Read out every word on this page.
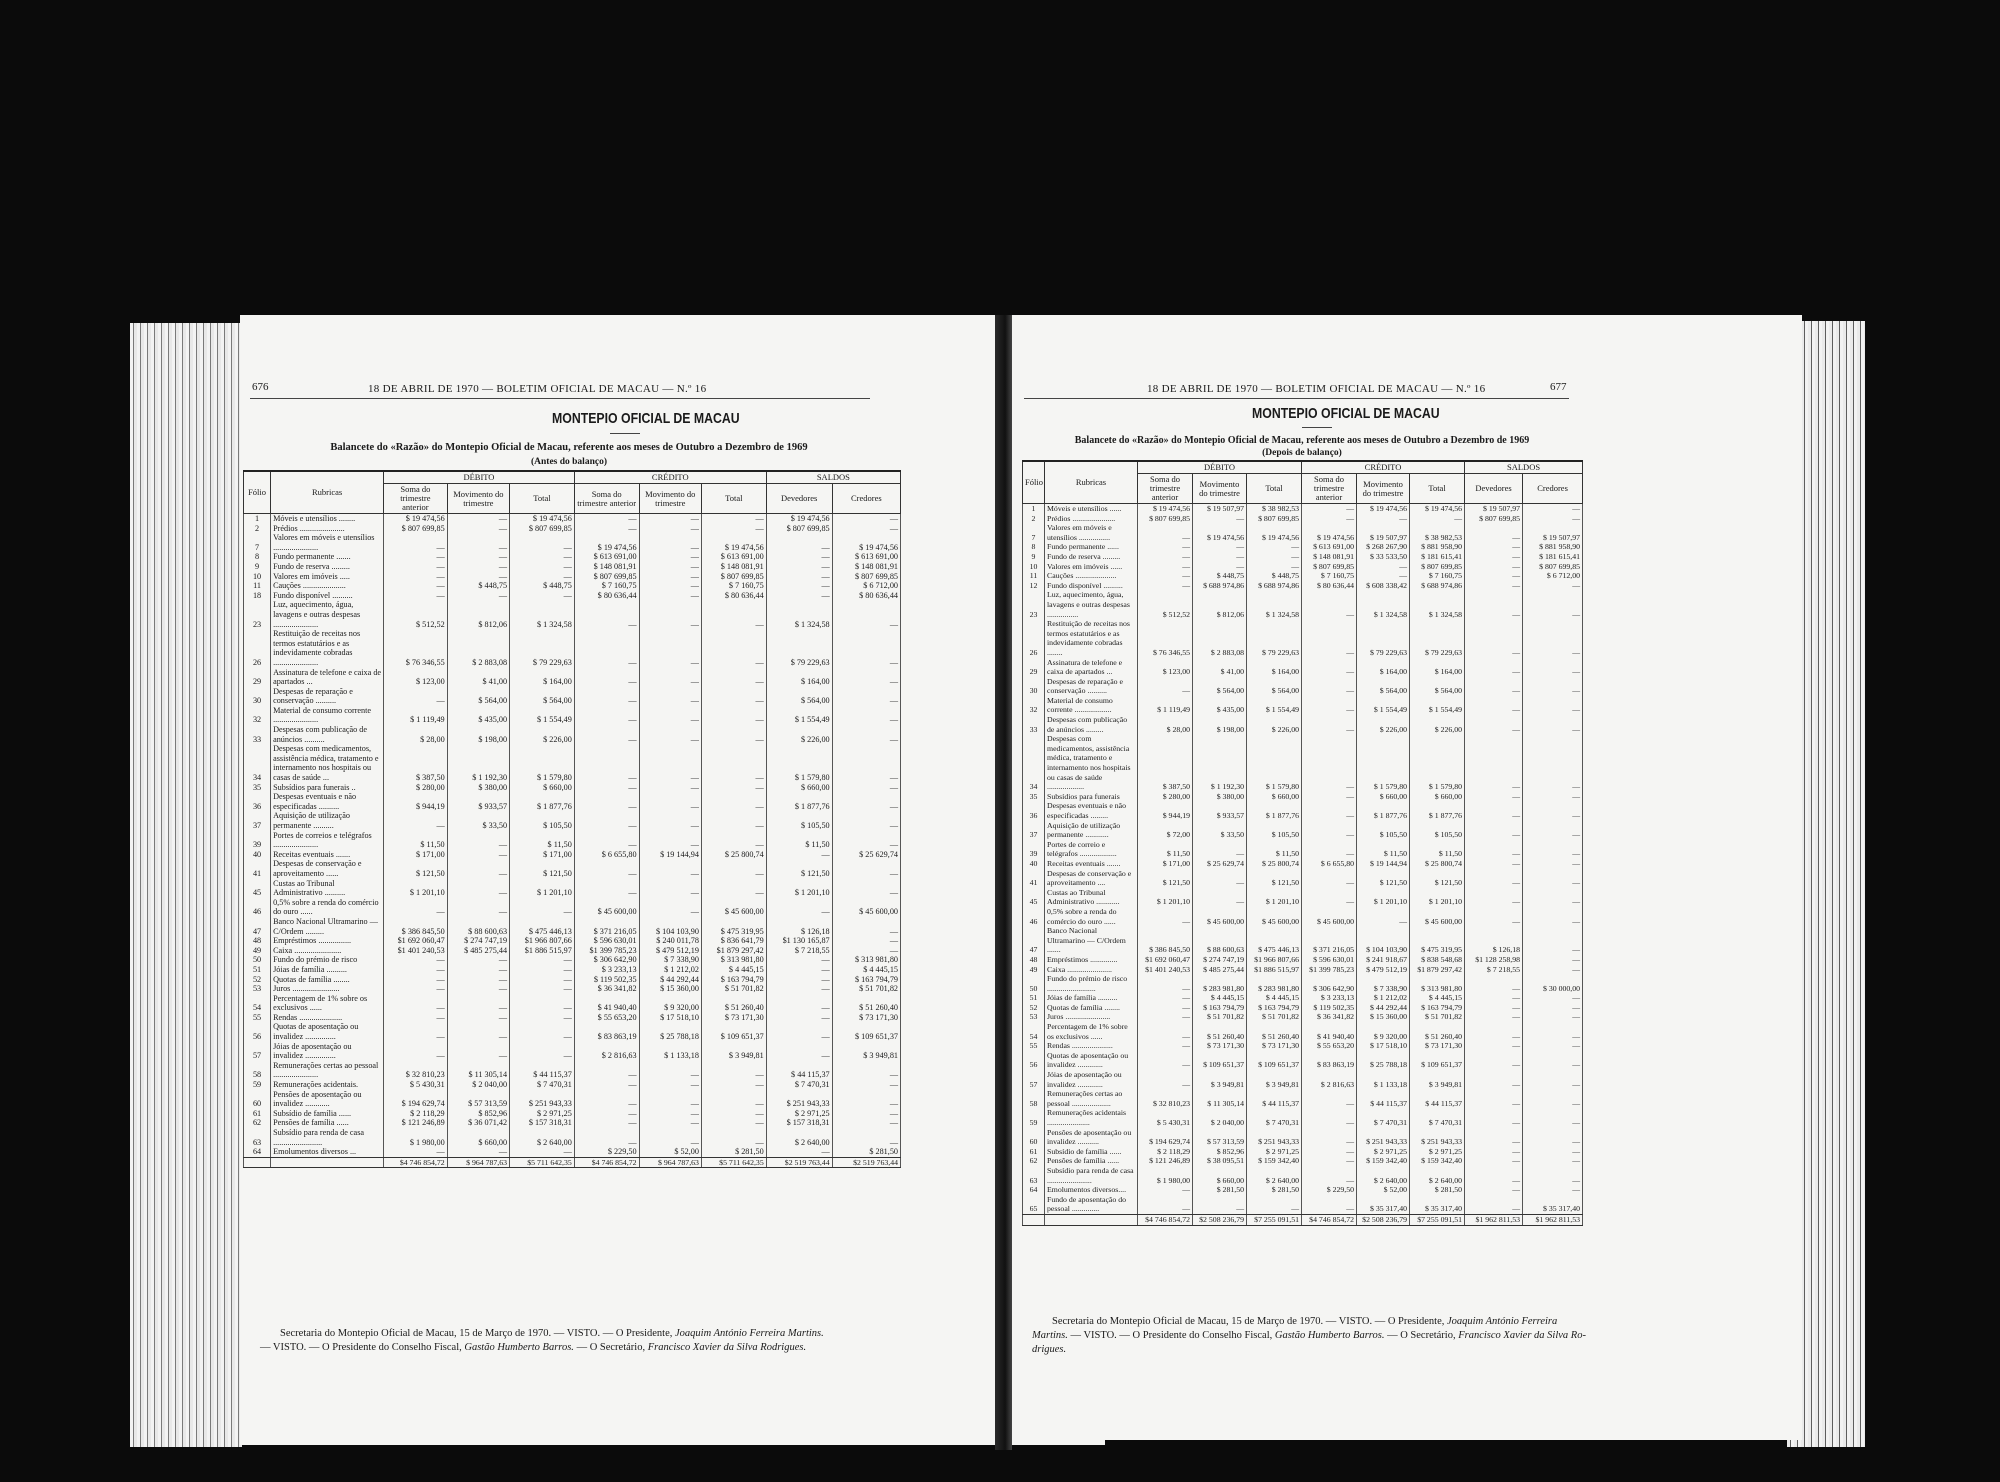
676	18 DE ABRIL DE 1970 — BOLETIM OFICIAL DE MACAU — N.º 16
MONTEPIO OFICIAL DE MACAU
Balancete do «Razão» do Montepio Oficial de Macau, referente aos meses de Outubro a Dezembro de 1969
(Antes do balanço)
Fólio	Rubricas	DÉBITO			CRÉDITO			SALDOS	
		Soma do trimestre anterior	Movimento do trimestre	Total	Soma do trimestre anterior	Movimento do trimestre	Total	Devedores	Credores
1	Móveis e utensílios ........	$ 19 474,56	—	$ 19 474,56	—	—	—	$ 19 474,56	—
2	Prédios ......................	$ 807 699,85	—	$ 807 699,85	—	—	—	$ 807 699,85	—
7	Valores em móveis e utensílios ......................	—	—	—	$ 19 474,56	—	$ 19 474,56	—	$ 19 474,56
8	Fundo permanente .......	—	—	—	$ 613 691,00	—	$ 613 691,00	—	$ 613 691,00
9	Fundo de reserva .........	—	—	—	$ 148 081,91	—	$ 148 081,91	—	$ 148 081,91
10	Valores em imóveis .....	—	—	—	$ 807 699,85	—	$ 807 699,85	—	$ 807 699,85
11	Cauções .....................	—	$ 448,75	$ 448,75	$ 7 160,75	—	$ 7 160,75	—	$ 6 712,00
18	Fundo disponível ..........	—	—	—	$ 80 636,44	—	$ 80 636,44	—	$ 80 636,44
23	Luz, aquecimento, água, lavagens e outras despesas ......................	$ 512,52	$ 812,06	$ 1 324,58	—	—	—	$ 1 324,58	—
26	Restituição de receitas nos termos estatutários e as indevidamente cobradas ......................	$ 76 346,55	$ 2 883,08	$ 79 229,63	—	—	—	$ 79 229,63	—
29	Assinatura de telefone e caixa de apartados ...	$ 123,00	$ 41,00	$ 164,00	—	—	—	$ 164,00	—
30	Despesas de reparação e conservação ..........	—	$ 564,00	$ 564,00	—	—	—	$ 564,00	—
32	Material de consumo corrente ......................	$ 1 119,49	$ 435,00	$ 1 554,49	—	—	—	$ 1 554,49	—
33	Despesas com publicação de anúncios ..........	$ 28,00	$ 198,00	$ 226,00	—	—	—	$ 226,00	—
34	Despesas com medicamentos, assistência médica, tratamento e internamento nos hospitais ou casas de saúde ...	$ 387,50	$ 1 192,30	$ 1 579,80	—	—	—	$ 1 579,80	—
35	Subsídios para funerais ..	$ 280,00	$ 380,00	$ 660,00	—	—	—	$ 660,00	—
36	Despesas eventuais e não especificadas ..........	$ 944,19	$ 933,57	$ 1 877,76	—	—	—	$ 1 877,76	—
37	Aquisição de utilização permanente ..........	—	$ 33,50	$ 105,50	—	—	—	$ 105,50	—
39	Portes de correios e telégrafos ......................	$ 11,50	—	$ 11,50	—	—	—	$ 11,50	—
40	Receitas eventuais .......	$ 171,00	—	$ 171,00	$ 6 655,80	$ 19 144,94	$ 25 800,74	—	$ 25 629,74
41	Despesas de conservação e aproveitamento ......	$ 121,50	—	$ 121,50	—	—	—	$ 121,50	—
45	Custas ao Tribunal Administrativo ..........	$ 1 201,10	—	$ 1 201,10	—	—	—	$ 1 201,10	—
46	0,5% sobre a renda do comércio do ouro ......	—	—	—	$ 45 600,00	—	$ 45 600,00	—	$ 45 600,00
47	Banco Nacional Ultramarino — C/Ordem .........	$ 386 845,50	$ 88 600,63	$ 475 446,13	$ 371 216,05	$ 104 103,90	$ 475 319,95	$ 126,18	—
48	Empréstimos ................	$1 692 060,47	$ 274 747,19	$1 966 807,66	$ 596 630,01	$ 240 011,78	$ 836 641,79	$1 130 165,87	—
49	Caixa .......................	$1 401 240,53	$ 485 275,44	$1 886 515,97	$1 399 785,23	$ 479 512,19	$1 879 297,42	$ 7 218,55	—
50	Fundo do prémio de risco	—	—	—	$ 306 642,90	$ 7 338,90	$ 313 981,80	—	$ 313 981,80
51	Jóias de família ..........	—	—	—	$ 3 233,13	$ 1 212,02	$ 4 445,15	—	$ 4 445,15
52	Quotas de família ........	—	—	—	$ 119 502,35	$ 44 292,44	$ 163 794,79	—	$ 163 794,79
53	Juros .......................	—	—	—	$ 36 341,82	$ 15 360,00	$ 51 701,82	—	$ 51 701,82
54	Percentagem de 1% sobre os exclusivos ......	—	—	—	$ 41 940,40	$ 9 320,00	$ 51 260,40	—	$ 51 260,40
55	Rendas .....................	—	—	—	$ 55 653,20	$ 17 518,10	$ 73 171,30	—	$ 73 171,30
56	Quotas de aposentação ou invalidez ...............	—	—	—	$ 83 863,19	$ 25 788,18	$ 109 651,37	—	$ 109 651,37
57	Jóias de aposentação ou invalidez ...............	—	—	—	$ 2 816,63	$ 1 133,18	$ 3 949,81	—	$ 3 949,81
58	Remunerações certas ao pessoal ......................	$ 32 810,23	$ 11 305,14	$ 44 115,37	—	—	—	$ 44 115,37	—
59	Remunerações acidentais.	$ 5 430,31	$ 2 040,00	$ 7 470,31	—	—	—	$ 7 470,31	—
60	Pensões de aposentação ou invalidez ............	$ 194 629,74	$ 57 313,59	$ 251 943,33	—	—	—	$ 251 943,33	—
61	Subsídio de família ......	$ 2 118,29	$ 852,96	$ 2 971,25	—	—	—	$ 2 971,25	—
62	Pensões de família ......	$ 121 246,89	$ 36 071,42	$ 157 318,31	—	—	—	$ 157 318,31	—
63	Subsídio para renda de casa ........................	$ 1 980,00	$ 660,00	$ 2 640,00	—	—	—	$ 2 640,00	—
64	Emolumentos diversos ...	—	—	—	$ 229,50	$ 52,00	$ 281,50	—	$ 281,50
		$4 746 854,72	$ 964 787,63	$5 711 642,35	$4 746 854,72	$ 964 787,63	$5 711 642,35	$2 519 763,44	$2 519 763,44
Secretaria do Montepio Oficial de Macau, 15 de Março de 1970. — VISTO. — O Presidente, Joaquim António Ferreira Martins.
— VISTO. — O Presidente do Conselho Fiscal, Gastão Humberto Barros. — O Secretário, Francisco Xavier da Silva Rodrigues.
18 DE ABRIL DE 1970 — BOLETIM OFICIAL DE MACAU — N.º 16	677
MONTEPIO OFICIAL DE MACAU
Balancete do «Razão» do Montepio Oficial de Macau, referente aos meses de Outubro a Dezembro de 1969
(Depois de balanço)
Fólio	Rubricas	DÉBITO			CRÉDITO			SALDOS	
		Soma do trimestre anterior	Movimento do trimestre	Total	Soma do trimestre anterior	Movimento do trimestre	Total	Devedores	Credores
1	Móveis e utensílios ......	$ 19 474,56	$ 19 507,97	$ 38 982,53	—	$ 19 474,56	$ 19 474,56	$ 19 507,97	—
2	Prédios ......................	$ 807 699,85	—	$ 807 699,85	—	—	—	$ 807 699,85	—
7	Valores em móveis e utensílios ................	—	$ 19 474,56	$ 19 474,56	$ 19 474,56	$ 19 507,97	$ 38 982,53	—	$ 19 507,97
8	Fundo permanente ......	—	—	—	$ 613 691,00	$ 268 267,90	$ 881 958,90	—	$ 881 958,90
9	Fundo de reserva .........	—	—	—	$ 148 081,91	$ 33 533,50	$ 181 615,41	—	$ 181 615,41
10	Valores em imóveis ......	—	—	—	$ 807 699,85	—	$ 807 699,85	—	$ 807 699,85
11	Cauções .....................	—	$ 448,75	$ 448,75	$ 7 160,75	—	$ 7 160,75	—	$ 6 712,00
12	Fundo disponível ..........	—	$ 688 974,86	$ 688 974,86	$ 80 636,44	$ 608 338,42	$ 688 974,86	—	—
23	Luz, aquecimento, água, lavagens e outras despesas ................	$ 512,52	$ 812,06	$ 1 324,58	—	$ 1 324,58	$ 1 324,58	—	—
26	Restituição de receitas nos termos estatutários e as indevidamente cobradas ........	$ 76 346,55	$ 2 883,08	$ 79 229,63	—	$ 79 229,63	$ 79 229,63	—	—
29	Assinatura de telefone e caixa de apartados ...	$ 123,00	$ 41,00	$ 164,00	—	$ 164,00	$ 164,00	—	—
30	Despesas de reparação e conservação ..........	—	$ 564,00	$ 564,00	—	$ 564,00	$ 564,00	—	—
32	Material de consumo corrente ...................	$ 1 119,49	$ 435,00	$ 1 554,49	—	$ 1 554,49	$ 1 554,49	—	—
33	Despesas com publicação de anúncios .........	$ 28,00	$ 198,00	$ 226,00	—	$ 226,00	$ 226,00	—	—
34	Despesas com medicamentos, assistência médica, tratamento e internamento nos hospitais ou casas de saúde ...................	$ 387,50	$ 1 192,30	$ 1 579,80	—	$ 1 579,80	$ 1 579,80	—	—
35	Subsídios para funerais	$ 280,00	$ 380,00	$ 660,00	—	$ 660,00	$ 660,00	—	—
36	Despesas eventuais e não especificadas .........	$ 944,19	$ 933,57	$ 1 877,76	—	$ 1 877,76	$ 1 877,76	—	—
37	Aquisição de utilização permanente ............	$ 72,00	$ 33,50	$ 105,50	—	$ 105,50	$ 105,50	—	—
39	Portes de correio e telégrafos ...................	$ 11,50	—	$ 11,50	—	$ 11,50	$ 11,50	—	—
40	Receitas eventuais .......	$ 171,00	$ 25 629,74	$ 25 800,74	$ 6 655,80	$ 19 144,94	$ 25 800,74	—	—
41	Despesas de conservação e aproveitamento ....	$ 121,50	—	$ 121,50	—	$ 121,50	$ 121,50	—	—
45	Custas ao Tribunal Administrativo ............	$ 1 201,10	—	$ 1 201,10	—	$ 1 201,10	$ 1 201,10	—	—
46	0,5% sobre a renda do comércio do ouro ......	—	$ 45 600,00	$ 45 600,00	$ 45 600,00	—	$ 45 600,00	—	—
47	Banco Nacional Ultramarino — C/Ordem .......	$ 386 845,50	$ 88 600,63	$ 475 446,13	$ 371 216,05	$ 104 103,90	$ 475 319,95	$ 126,18	—
48	Empréstimos ..............	$1 692 060,47	$ 274 747,19	$1 966 807,66	$ 596 630,01	$ 241 918,67	$ 838 548,68	$1 128 258,98	—
49	Caixa .......................	$1 401 240,53	$ 485 275,44	$1 886 515,97	$1 399 785,23	$ 479 512,19	$1 879 297,42	$ 7 218,55	—
50	Fundo do prémio de risco .........................	—	$ 283 981,80	$ 283 981,80	$ 306 642,90	$ 7 338,90	$ 313 981,80	—	$ 30 000,00
51	Jóias de família ..........	—	$ 4 445,15	$ 4 445,15	$ 3 233,13	$ 1 212,02	$ 4 445,15	—	—
52	Quotas de família ........	—	$ 163 794,79	$ 163 794,79	$ 119 502,35	$ 44 292,44	$ 163 794,79	—	—
53	Juros .......................	—	$ 51 701,82	$ 51 701,82	$ 36 341,82	$ 15 360,00	$ 51 701,82	—	—
54	Percentagem de 1% sobre os exclusivos ......	—	$ 51 260,40	$ 51 260,40	$ 41 940,40	$ 9 320,00	$ 51 260,40	—	—
55	Rendas .....................	—	$ 73 171,30	$ 73 171,30	$ 55 653,20	$ 17 518,10	$ 73 171,30	—	—
56	Quotas de aposentação ou invalidez .............	—	$ 109 651,37	$ 109 651,37	$ 83 863,19	$ 25 788,18	$ 109 651,37	—	—
57	Jóias de aposentação ou invalidez .............	—	$ 3 949,81	$ 3 949,81	$ 2 816,63	$ 1 133,18	$ 3 949,81	—	—
58	Remunerações certas ao pessoal ....................	$ 32 810,23	$ 11 305,14	$ 44 115,37	—	$ 44 115,37	$ 44 115,37	—	—
59	Remunerações acidentais ......................	$ 5 430,31	$ 2 040,00	$ 7 470,31	—	$ 7 470,31	$ 7 470,31	—	—
60	Pensões de aposentação ou invalidez ...........	$ 194 629,74	$ 57 313,59	$ 251 943,33	—	$ 251 943,33	$ 251 943,33	—	—
61	Subsídio de família ......	$ 2 118,29	$ 852,96	$ 2 971,25	—	$ 2 971,25	$ 2 971,25	—	—
62	Pensões de família ......	$ 121 246,89	$ 38 095,51	$ 159 342,40	—	$ 159 342,40	$ 159 342,40	—	—
63	Subsídio para renda de casa .......................	$ 1 980,00	$ 660,00	$ 2 640,00	—	$ 2 640,00	$ 2 640,00	—	—
64	Emolumentos diversos....	—	$ 281,50	$ 281,50	$ 229,50	$ 52,00	$ 281,50	—	—
65	Fundo de aposentação do pessoal ..............	—	—	—	—	$ 35 317,40	$ 35 317,40	—	$ 35 317,40
		$4 746 854,72	$2 508 236,79	$7 255 091,51	$4 746 854,72	$2 508 236,79	$7 255 091,51	$1 962 811,53	$1 962 811,53
Secretaria do Montepio Oficial de Macau, 15 de Março de 1970. — VISTO. — O Presidente, Joaquim António Ferreira
Martins. — VISTO. — O Presidente do Conselho Fiscal, Gastão Humberto Barros. — O Secretário, Francisco Xavier da Silva Ro-
drigues.
